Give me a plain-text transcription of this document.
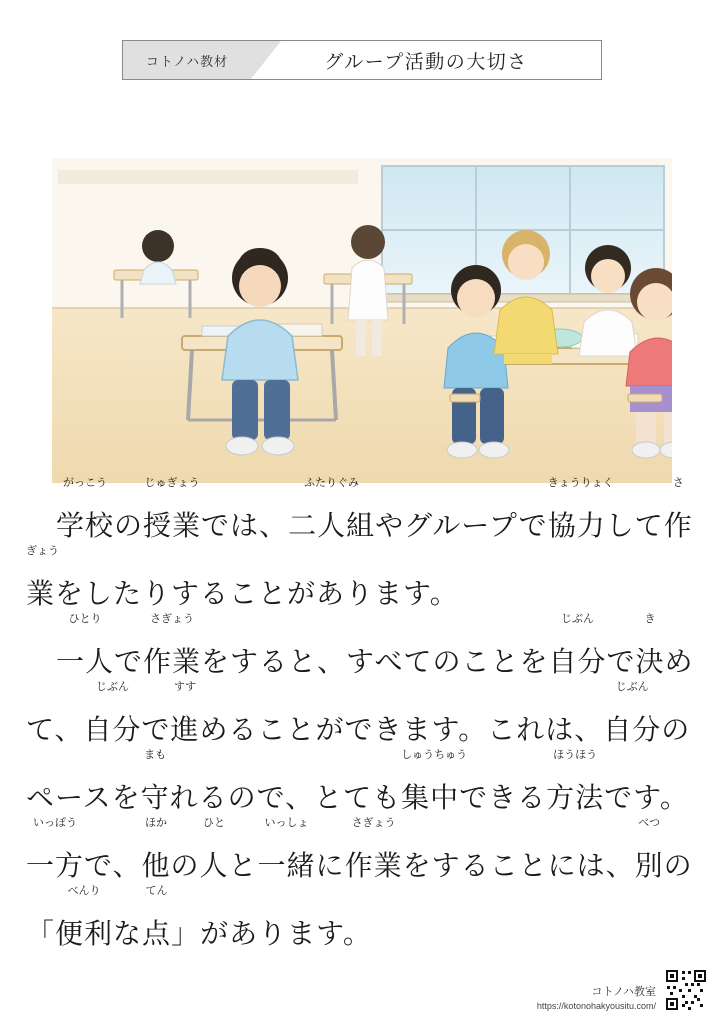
コトノハ教材	グループ活動の大切さ
学校
がっこう
の授業
じゅぎょう
では、二人組
ふたりぐみ
やグループで協力
きょうりょく
して作
さ
業
ぎょう
をしたりすることがあります。
一人
ひとり
で作業
さぎょう
をすると、すべてのことを自分
じぶん
で決
き
め
て、自分
じぶん
で進
すす
めることができます。これは、自分
じぶん
の
ペースを守
まも
れるので、とても集中
しゅうちゅう
できる方法
ほうほう
です。
一方
いっぽう
で、他
ほか
の人
ひと
と一緒
いっしょ
に作業
さぎょう
をすることには、別
べつ
の
「便利
べんり
な点
てん
」があります。
コトノハ教室
https://kotonohakyousitu.com/
